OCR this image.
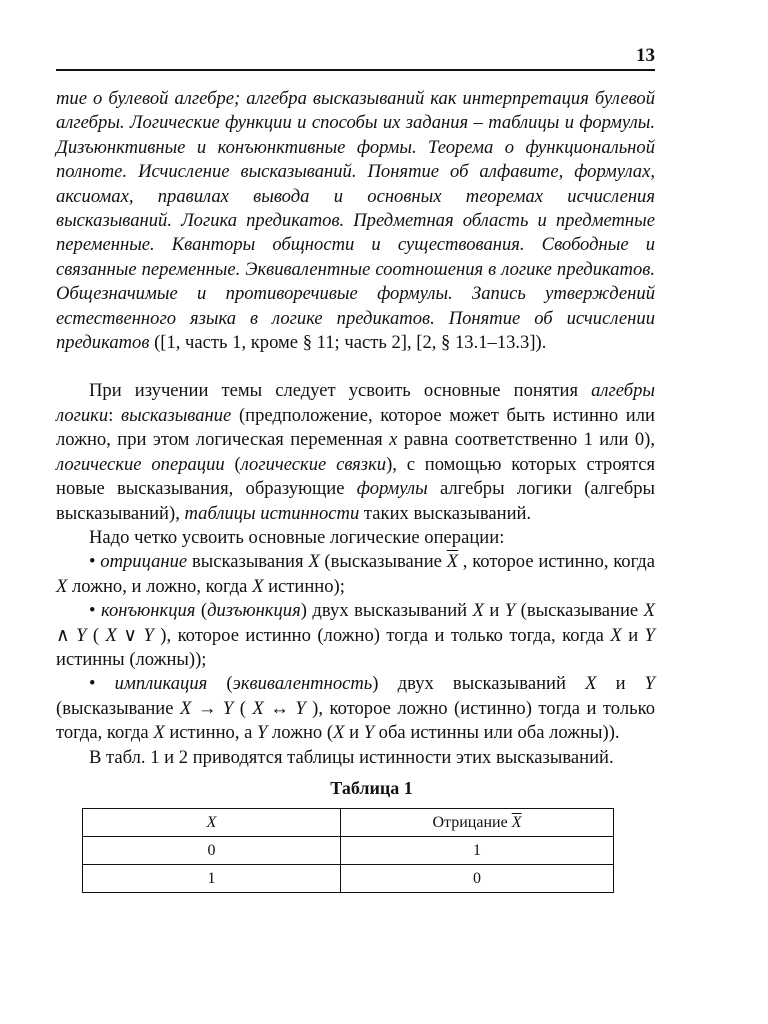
13

тие о булевой алгебре; алгебра высказываний как интерпретация булевой алгебры. Логические функции и способы их задания – таблицы и формулы. Дизъюнктивные и конъюнктивные формы. Теорема о функциональной полноте. Исчисление высказываний. Понятие об алфавите, формулах, аксиомах, правилах вывода и основных теоремах исчисления высказываний. Логика предикатов. Предметная область и предметные переменные. Кванторы общности и существования. Свободные и связанные переменные. Эквивалентные соотношения в логике предикатов. Общезначимые и противоречивые формулы. Запись утверждений естественного языка в логике предикатов. Понятие об исчислении предикатов ([1, часть 1, кроме § 11; часть 2], [2, § 13.1–13.3]).

При изучении темы следует усвоить основные понятия алгебры логики: высказывание (предположение, которое может быть истинно или ложно, при этом логическая переменная x равна соответственно 1 или 0), логические операции (логические связки), с помощью которых строятся новые высказывания, образующие формулы алгебры логики (алгебры высказываний), таблицы истинности таких высказываний.

Надо четко усвоить основные логические операции:

• отрицание высказывания X (высказывание $\overline{X}$ , которое истинно, когда X ложно, и ложно, когда X истинно);

• конъюнкция (дизъюнкция) двух высказываний X и Y (высказывание X ∧ Y ( X ∨ Y ), которое истинно (ложно) тогда и только тогда, когда X и Y истинны (ложны));

• импликация (эквивалентность) двух высказываний X и Y (высказывание X → Y ( X ↔ Y ), которое ложно (истинно) тогда и только тогда, когда X истинно, а Y ложно (X и Y оба истинны или оба ложны)).

В табл. 1 и 2 приводятся таблицы истинности этих высказываний.

Таблица 1
X	Отрицание $\overline{X}$
0	1
1	0
